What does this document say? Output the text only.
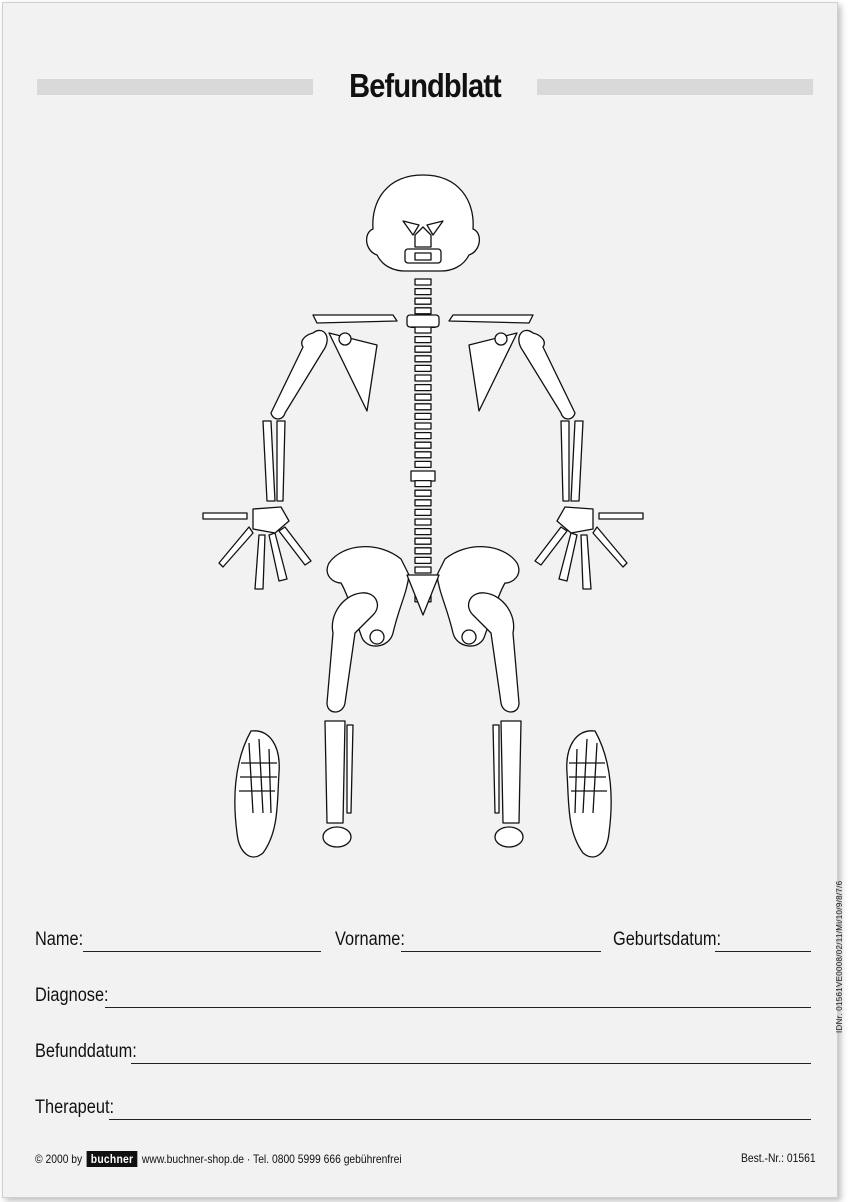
Befundblatt
Name:	Vorname:	Geburtsdatum:
Diagnose:
Befunddatum:
Therapeut:
IDNr. 01561VE0008/02/11/Mi/10/9/8/7/6
© 2000 by buchner www.buchner-shop.de · Tel. 0800 5999 666 gebührenfrei	Best.-Nr.: 01561
